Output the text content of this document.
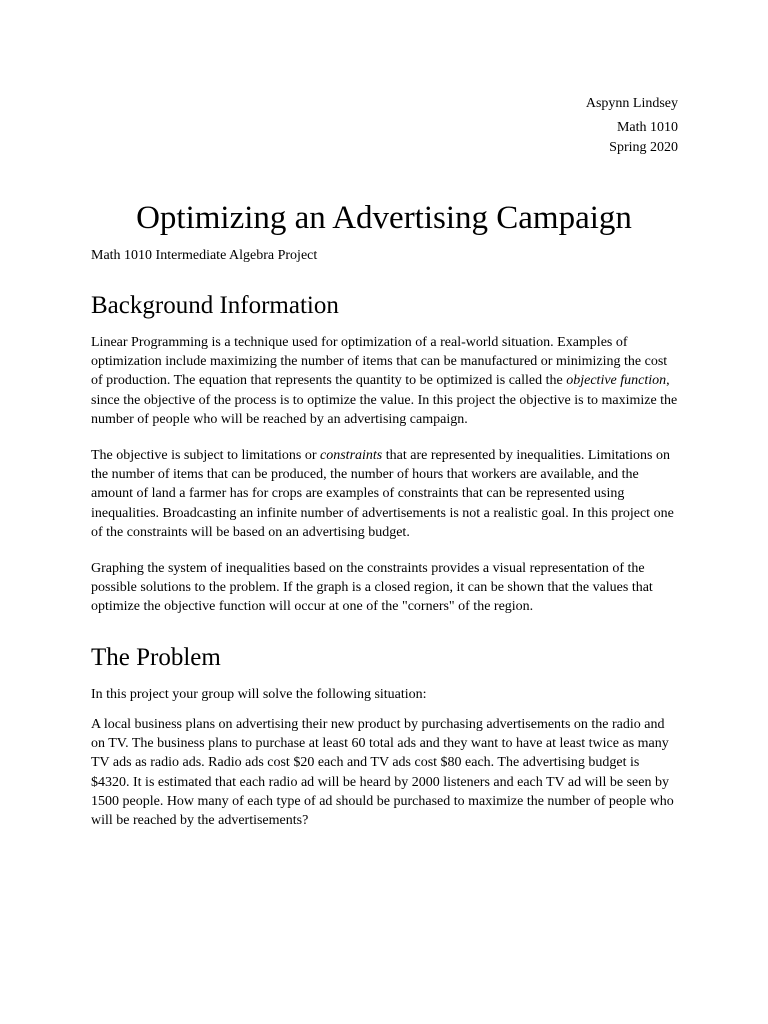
Aspynn Lindsey
Math 1010
Spring 2020
Optimizing an Advertising Campaign

Math 1010 Intermediate Algebra Project

Background Information

Linear Programming is a technique used for optimization of a real-world situation. Examples of optimization include maximizing the number of items that can be manufactured or minimizing the cost of production. The equation that represents the quantity to be optimized is called the objective function, since the objective of the process is to optimize the value. In this project the objective is to maximize the number of people who will be reached by an advertising campaign.

The objective is subject to limitations or constraints that are represented by inequalities. Limitations on the number of items that can be produced, the number of hours that workers are available, and the amount of land a farmer has for crops are examples of constraints that can be represented using inequalities. Broadcasting an infinite number of advertisements is not a realistic goal. In this project one of the constraints will be based on an advertising budget.

Graphing the system of inequalities based on the constraints provides a visual representation of the possible solutions to the problem. If the graph is a closed region, it can be shown that the values that optimize the objective function will occur at one of the "corners" of the region.

The Problem

In this project your group will solve the following situation:

A local business plans on advertising their new product by purchasing advertisements on the radio and on TV. The business plans to purchase at least 60 total ads and they want to have at least twice as many TV ads as radio ads. Radio ads cost $20 each and TV ads cost $80 each. The advertising budget is $4320. It is estimated that each radio ad will be heard by 2000 listeners and each TV ad will be seen by 1500 people. How many of each type of ad should be purchased to maximize the number of people who will be reached by the advertisements?
